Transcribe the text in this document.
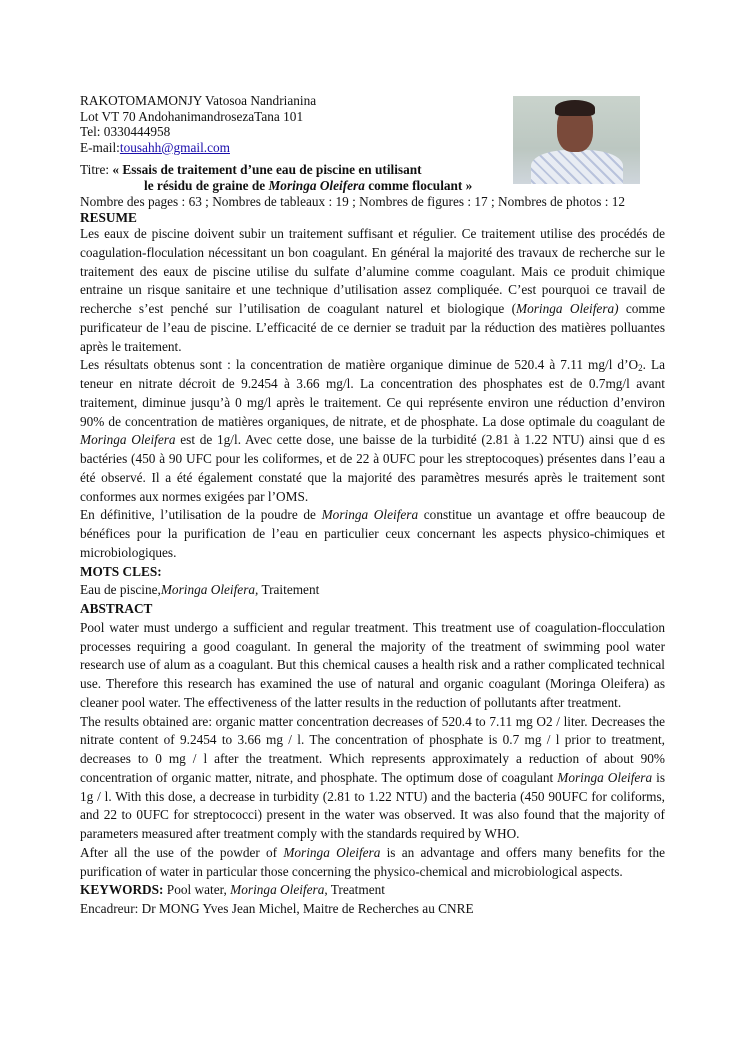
RAKOTOMAMONJY Vatosoa Nandrianina
Lot VT 70 AndohanimandrosezaTana 101
Tel: 0330444958
E-mail:tousahh@gmail.com
Titre: « Essais de traitement d’une eau de piscine en utilisant
le résidu de graine de Moringa Oleifera comme floculant »
Nombre des pages : 63 ; Nombres de tableaux : 19 ; Nombres de figures : 17 ; Nombres de photos : 12
RESUME

Les eaux de piscine doivent subir un traitement suffisant et régulier. Ce traitement utilise des procédés de coagulation-floculation nécessitant un bon coagulant. En général la majorité des travaux de recherche sur le traitement des eaux de piscine utilise du sulfate d’alumine comme coagulant. Mais ce produit chimique entraine un risque sanitaire et une technique d’utilisation assez compliquée. C’est pourquoi ce travail de recherche s’est penché sur l’utilisation de coagulant naturel et biologique (Moringa Oleifera) comme purificateur de l’eau de piscine. L’efficacité de ce dernier se traduit par la réduction des matières polluantes après le traitement.

Les résultats obtenus sont : la concentration de matière organique diminue de 520.4 à 7.11 mg/l $d’O_2$. La teneur en nitrate décroit de 9.2454 à 3.66 mg/l. La concentration des phosphates est de 0.7mg/l avant traitement, diminue jusqu’à 0 mg/l après le traitement. Ce qui représente environ une réduction d’environ 90% de concentration de matières organiques, de nitrate, et de phosphate. La dose optimale du coagulant de Moringa Oleifera est de 1g/l. Avec cette dose, une baisse de la turbidité (2.81 à 1.22 NTU) ainsi que d es bactéries (450 à 90 UFC pour les coliformes, et de 22 à 0UFC pour les streptocoques) présentes dans l’eau a été observé. Il a été également constaté que la majorité des paramètres mesurés après le traitement sont conformes aux normes exigées par l’OMS.

En définitive, l’utilisation de la poudre de Moringa Oleifera constitue un avantage et offre beaucoup de bénéfices pour la purification de l’eau en particulier ceux concernant les aspects physico-chimiques et microbiologiques.

MOTS CLES:
Eau de piscine,Moringa Oleifera, Traitement
ABSTRACT

Pool water must undergo a sufficient and regular treatment. This treatment use of coagulation-flocculation processes requiring a good coagulant. In general the majority of the treatment of swimming pool water research use of alum as a coagulant. But this chemical causes a health risk and a rather complicated technical use. Therefore this research has examined the use of natural and organic coagulant (Moringa Oleifera) as cleaner pool water. The effectiveness of the latter results in the reduction of pollutants after treatment.

The results obtained are: organic matter concentration decreases of 520.4 to 7.11 mg O2 / liter. Decreases the nitrate content of 9.2454 to 3.66 mg / l. The concentration of phosphate is 0.7 mg / l prior to treatment, decreases to 0 mg / l after the treatment. Which represents approximately a reduction of about 90% concentration of organic matter, nitrate, and phosphate. The optimum dose of coagulant Moringa Oleifera is 1g / l. With this dose, a decrease in turbidity (2.81 to 1.22 NTU) and the bacteria (450 90UFC for coliforms, and 22 to 0UFC for streptococci) present in the water was observed. It was also found that the majority of parameters measured after treatment comply with the standards required by WHO.

After all the use of the powder of Moringa Oleifera is an advantage and offers many benefits for the purification of water in particular those concerning the physico-chemical and microbiological aspects.

KEYWORDS: Pool water, Moringa Oleifera, Treatment
Encadreur: Dr MONG Yves Jean Michel, Maitre de Recherches au CNRE
